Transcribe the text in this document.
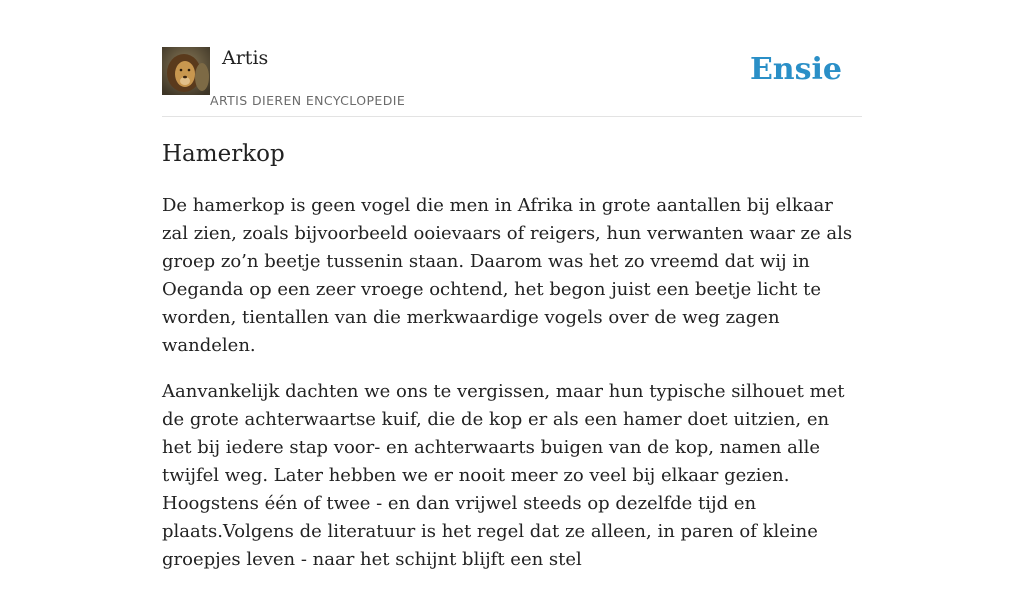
Artis
ARTIS DIEREN ENCYCLOPEDIE
Ensie
Hamerkop

De hamerkop is geen vogel die men in Afrika in grote aantallen bij elkaar zal zien, zoals bijvoorbeeld ooievaars of reigers, hun verwanten waar ze als groep zo’n beetje tussenin staan. Daarom was het zo vreemd dat wij in Oeganda op een zeer vroege ochtend, het begon juist een beetje licht te worden, tientallen van die merkwaardige vogels over de weg zagen wandelen.

Aanvankelijk dachten we ons te vergissen, maar hun typische silhouet met de grote achterwaartse kuif, die de kop er als een hamer doet uitzien, en het bij iedere stap voor- en achterwaarts buigen van de kop, namen alle twijfel weg. Later hebben we er nooit meer zo veel bij elkaar gezien. Hoogstens één of twee - en dan vrijwel steeds op dezelfde tijd en plaats.Volgens de literatuur is het regel dat ze alleen, in paren of kleine groepjes leven - naar het schijnt blijft een stel
